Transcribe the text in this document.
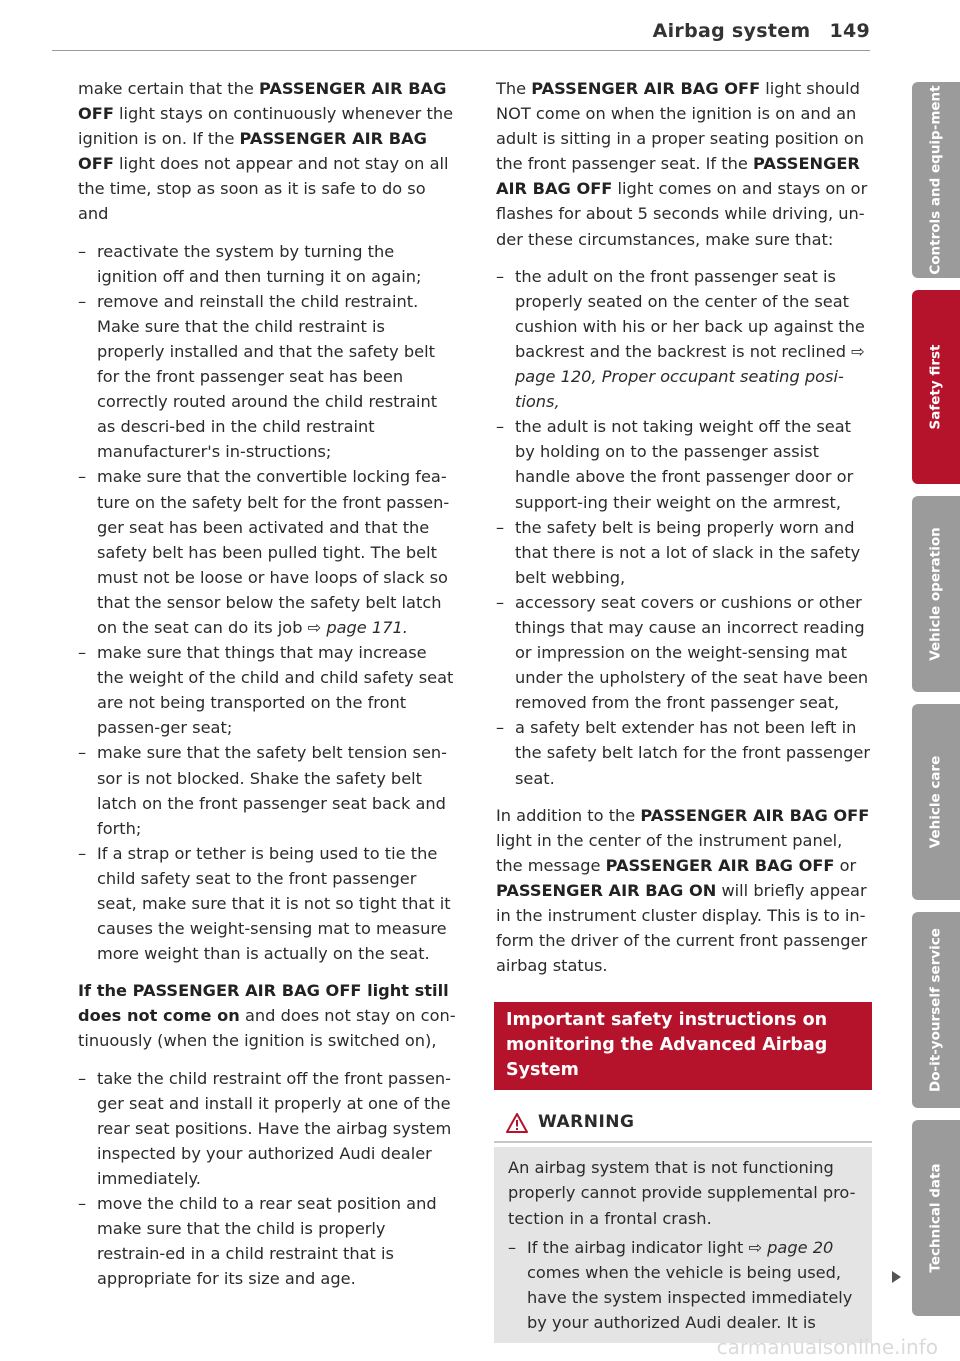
Airbag system 149

make certain that the PASSENGER AIR BAG OFF light stays on continuously whenever the ignition is on. If the PASSENGER AIR BAG OFF light does not appear and not stay on all the time, stop as soon as it is safe to do so and

– reactivate the system by turning the ignition off and then turning it on again;
– remove and reinstall the child restraint. Make sure that the child restraint is properly installed and that the safety belt for the front passenger seat has been correctly routed around the child restraint as descri-bed in the child restraint manufacturer's in-structions;
– make sure that the convertible locking fea-ture on the safety belt for the front passen-ger seat has been activated and that the safety belt has been pulled tight. The belt must not be loose or have loops of slack so that the sensor below the safety belt latch on the seat can do its job ⇨ page 171.
– make sure that things that may increase the weight of the child and child safety seat are not being transported on the front passen-ger seat;
– make sure that the safety belt tension sen-sor is not blocked. Shake the safety belt latch on the front passenger seat back and forth;
– If a strap or tether is being used to tie the child safety seat to the front passenger seat, make sure that it is not so tight that it causes the weight-sensing mat to measure more weight than is actually on the seat.

If the PASSENGER AIR BAG OFF light still does not come on and does not stay on con-tinuously (when the ignition is switched on),

– take the child restraint off the front passen-ger seat and install it properly at one of the rear seat positions. Have the airbag system inspected by your authorized Audi dealer immediately.
– move the child to a rear seat position and make sure that the child is properly restrain-ed in a child restraint that is appropriate for its size and age.

The PASSENGER AIR BAG OFF light should NOT come on when the ignition is on and an adult is sitting in a proper seating position on the front passenger seat. If the PASSENGER AIR BAG OFF light comes on and stays on or flashes for about 5 seconds while driving, un-der these circumstances, make sure that:

– the adult on the front passenger seat is properly seated on the center of the seat cushion with his or her back up against the backrest and the backrest is not reclined ⇨ page 120, Proper occupant seating posi-tions,
– the adult is not taking weight off the seat by holding on to the passenger assist handle above the front passenger door or support-ing their weight on the armrest,
– the safety belt is being properly worn and that there is not a lot of slack in the safety belt webbing,
– accessory seat covers or cushions or other things that may cause an incorrect reading or impression on the weight-sensing mat under the upholstery of the seat have been removed from the front passenger seat,
– a safety belt extender has not been left in the safety belt latch for the front passenger seat.

In addition to the PASSENGER AIR BAG OFF light in the center of the instrument panel, the message PASSENGER AIR BAG OFF or PASSENGER AIR BAG ON will briefly appear in the instrument cluster display. This is to in-form the driver of the current front passenger airbag status.

Important safety instructions on monitoring the Advanced Airbag System
WARNING

An airbag system that is not functioning properly cannot provide supplemental pro-tection in a frontal crash.

– If the airbag indicator light ⇨ page 20 comes when the vehicle is being used, have the system inspected immediately by your authorized Audi dealer. It is
Controls and equip-ment
Safety first
Vehicle operation
Vehicle care
Do-it-yourself service
Technical data
carmanualsonline.info
